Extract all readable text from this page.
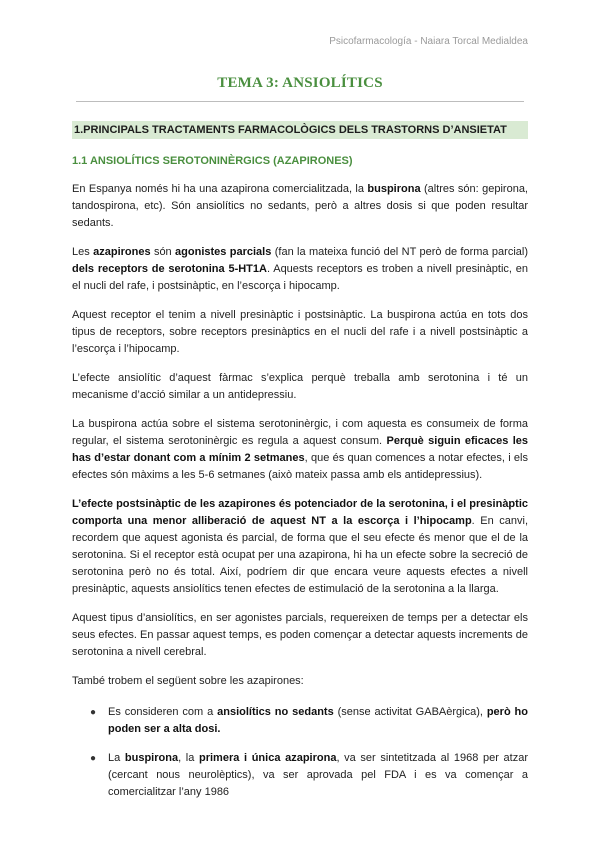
Psicofarmacología - Naiara Torcal Medialdea
TEMA 3: ANSIOLÍTICS
1.PRINCIPALS TRACTAMENTS FARMACOLÒGICS DELS TRASTORNS D’ANSIETAT
1.1 ANSIOLÍTICS SEROTONINÈRGICS (AZAPIRONES)

En Espanya només hi ha una azapirona comercialitzada, la buspirona (altres són: gepirona, tandospirona, etc). Són ansiolítics no sedants, però a altres dosis si que poden resultar sedants.

Les azapirones són agonistes parcials (fan la mateixa funció del NT però de forma parcial) dels receptors de serotonina 5-HT1A. Aquests receptors es troben a nivell presinàptic, en el nucli del rafe, i postsinàptic, en l’escorça i hipocamp.

Aquest receptor el tenim a nivell presinàptic i postsinàptic. La buspirona actúa en tots dos tipus de receptors, sobre receptors presinàptics en el nucli del rafe i a nivell postsinàptic a l’escorça i l’hipocamp.

L’efecte ansiolític d’aquest fàrmac s’explica perquè treballa amb serotonina i té un mecanisme d’acció similar a un antidepressiu.

La buspirona actúa sobre el sistema serotoninèrgic, i com aquesta es consumeix de forma regular, el sistema serotoninèrgic es regula a aquest consum. Perquè siguin eficaces les has d’estar donant com a mínim 2 setmanes, que és quan comences a notar efectes, i els efectes són màxims a les 5-6 setmanes (això mateix passa amb els antidepressius).

L’efecte postsinàptic de les azapirones és potenciador de la serotonina, i el presinàptic comporta una menor alliberació de aquest NT a la escorça i l’hipocamp. En canvi, recordem que aquest agonista és parcial, de forma que el seu efecte és menor que el de la serotonina. Si el receptor està ocupat per una azapirona, hi ha un efecte sobre la secreció de serotonina però no és total. Així, podríem dir que encara veure aquests efectes a nivell presinàptic, aquests ansiolítics tenen efectes de estimulació de la serotonina a la llarga.

Aquest tipus d’ansiolítics, en ser agonistes parcials, requereixen de temps per a detectar els seus efectes. En passar aquest temps, es poden començar a detectar aquests increments de serotonina a nivell cerebral.

També trobem el següent sobre les azapirones:

● Es consideren com a ansiolítics no sedants (sense activitat GABAèrgica), però ho poden ser a alta dosi.
● La buspirona, la primera i única azapirona, va ser sintetitzada al 1968 per atzar (cercant nous neurolèptics), va ser aprovada pel FDA i es va començar a comercialitzar l’any 1986
